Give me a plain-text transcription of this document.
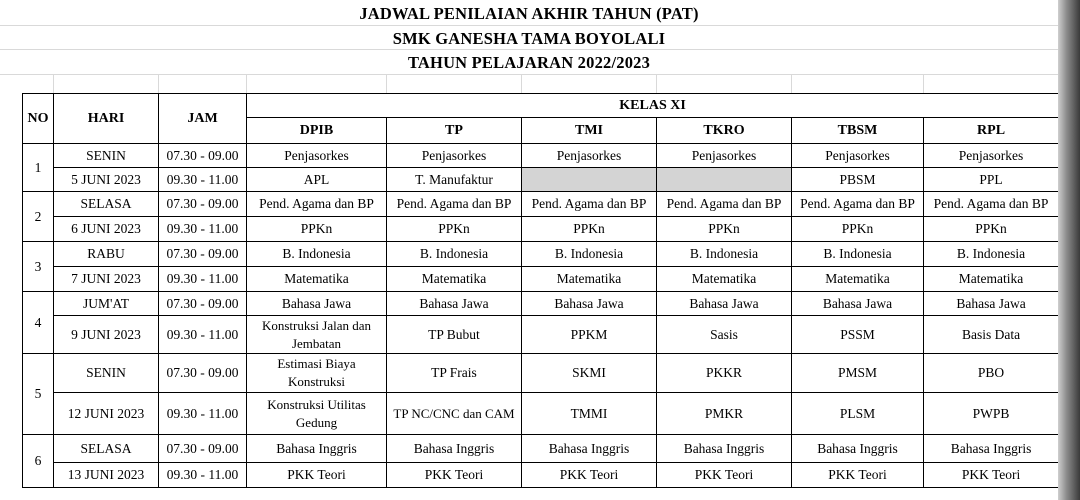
JADWAL PENILAIAN AKHIR TAHUN (PAT)
SMK GANESHA TAMA BOYOLALI
TAHUN PELAJARAN 2022/2023
NO	HARI	JAM	KELAS XI					
			DPIB	TP	TMI	TKRO	TBSM	RPL
1	SENIN	07.30 - 09.00	Penjasorkes	Penjasorkes	Penjasorkes	Penjasorkes	Penjasorkes	Penjasorkes
	5 JUNI 2023	09.30 - 11.00	APL	T. Manufaktur			PBSM	PPL
2	SELASA	07.30 - 09.00	Pend. Agama dan BP	Pend. Agama dan BP	Pend. Agama dan BP	Pend. Agama dan BP	Pend. Agama dan BP	Pend. Agama dan BP
	6 JUNI 2023	09.30 - 11.00	PPKn	PPKn	PPKn	PPKn	PPKn	PPKn
3	RABU	07.30 - 09.00	B. Indonesia	B. Indonesia	B. Indonesia	B. Indonesia	B. Indonesia	B. Indonesia
	7 JUNI 2023	09.30 - 11.00	Matematika	Matematika	Matematika	Matematika	Matematika	Matematika
4	JUM'AT	07.30 - 09.00	Bahasa Jawa	Bahasa Jawa	Bahasa Jawa	Bahasa Jawa	Bahasa Jawa	Bahasa Jawa
	9 JUNI 2023	09.30 - 11.00	Konstruksi Jalan dan Jembatan	TP Bubut	PPKM	Sasis	PSSM	Basis Data
5	SENIN	07.30 - 09.00	Estimasi Biaya Konstruksi	TP Frais	SKMI	PKKR	PMSM	PBO
	12 JUNI 2023	09.30 - 11.00	Konstruksi Utilitas Gedung	TP NC/CNC dan CAM	TMMI	PMKR	PLSM	PWPB
6	SELASA	07.30 - 09.00	Bahasa Inggris	Bahasa Inggris	Bahasa Inggris	Bahasa Inggris	Bahasa Inggris	Bahasa Inggris
	13 JUNI 2023	09.30 - 11.00	PKK Teori	PKK Teori	PKK Teori	PKK Teori	PKK Teori	PKK Teori
